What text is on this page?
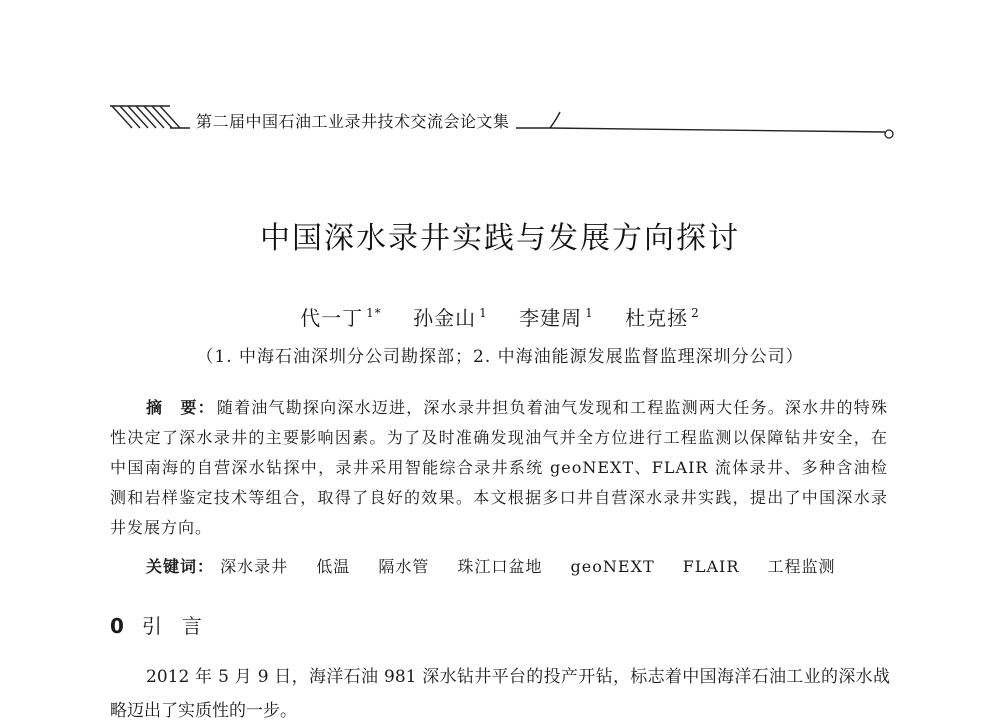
第二届中国石油工业录井技术交流会论文集
中国深水录井实践与发展方向探讨
代一丁 $^{1*}$ 孙金山 $^1$ 李建周 $^1$ 杜克拯 $^2$
（1. 中海石油深圳分公司勘探部；2. 中海油能源发展监督监理深圳分公司）
摘　要： 随着油气勘探向深水迈进，深水录井担负着油气发现和工程监测两大任务。深水井的特殊性决定了深水录井的主要影响因素。为了及时准确发现油气并全方位进行工程监测以保障钻井安全，在中国南海的自营深水钻探中，录井采用智能综合录井系统 geoNEXT、FLAIR 流体录井、多种含油检测和岩样鉴定技术等组合，取得了良好的效果。本文根据多口井自营深水录井实践，提出了中国深水录井发展方向。
关键词： 深水录井 低温 隔水管 珠江口盆地 geoNEXT FLAIR 工程监测
0 引言
2012 年 5 月 9 日，海洋石油 981 深水钻井平台的投产开钻，标志着中国海洋石油工业的深水战略迈出了实质性的一步。
